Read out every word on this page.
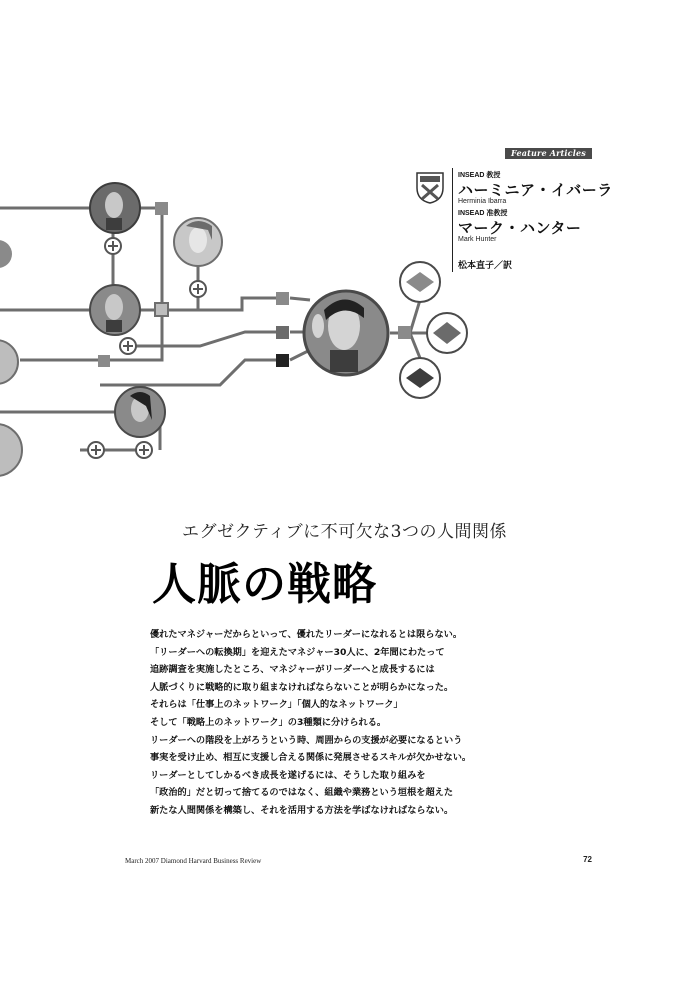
Feature Articles
INSEAD 教授
ハーミニア・イバーラ
Herminia Ibarra
INSEAD 准教授
マーク・ハンター
Mark Hunter
松本直子／訳
エグゼクティブに不可欠な3つの人間関係
人脈の戦略

優れたマネジャーだからといって、優れたリーダーになれるとは限らない。

「リーダーへの転換期」を迎えたマネジャー30人に、2年間にわたって

追跡調査を実施したところ、マネジャーがリーダーへと成長するには

人脈づくりに戦略的に取り組まなければならないことが明らかになった。

それらは「仕事上のネットワーク」「個人的なネットワーク」

そして「戦略上のネットワーク」の3種類に分けられる。

リーダーへの階段を上がろうという時、周囲からの支援が必要になるという

事実を受け止め、相互に支援し合える関係に発展させるスキルが欠かせない。

リーダーとしてしかるべき成長を遂げるには、そうした取り組みを

「政治的」だと切って捨てるのではなく、組織や業務という垣根を超えた

新たな人間関係を構築し、それを活用する方法を学ばなければならない。

March 2007 Diamond Harvard Business Review	72
